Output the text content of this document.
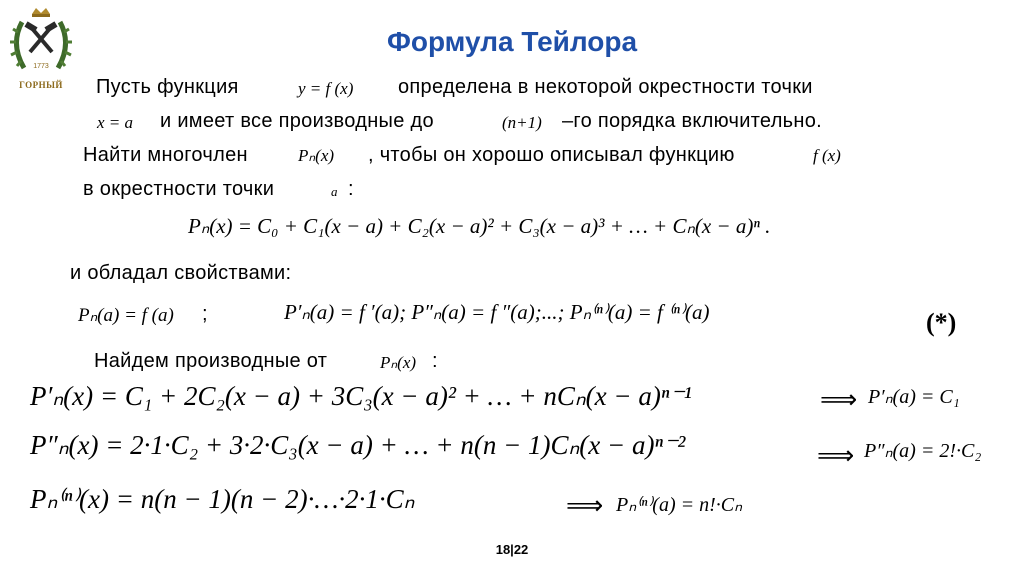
1773
ГОРНЫЙ
Формула Тейлора
Пусть функция	y = f (x) определена в некоторой окрестности точки
x = a и имеет все производные до	(n+1) –го порядка включительно.
Найти многочлен	Pₙ(x) , чтобы он хорошо описывал функцию	f (x)
в окрестности точки	a :
Pₙ(x) = C₀ + C₁(x − a) + C₂(x − a)² + C₃(x − a)³ + … + Cₙ(x − a)ⁿ .
и обладал свойствами:
Pₙ(a) = f (a) ;	P′ₙ(a) = f ′(a); P″ₙ(a) = f ″(a);...; Pₙ⁽ⁿ⁾(a) = f ⁽ⁿ⁾(a)	(*)
Найдем производные от	Pₙ(x) :
P′ₙ(x) = C₁ + 2C₂(x − a) + 3C₃(x − a)² + … + nCₙ(x − a)ⁿ⁻¹	⟹ P′ₙ(a) = C₁
P″ₙ(x) = 2·1·C₂ + 3·2·C₃(x − a) + … + n(n − 1)Cₙ(x − a)ⁿ⁻²	⟹ P″ₙ(a) = 2!·C₂
Pₙ⁽ⁿ⁾(x) = n(n − 1)(n − 2)·…·2·1·Cₙ	⟹ Pₙ⁽ⁿ⁾(a) = n!·Cₙ
18|22
